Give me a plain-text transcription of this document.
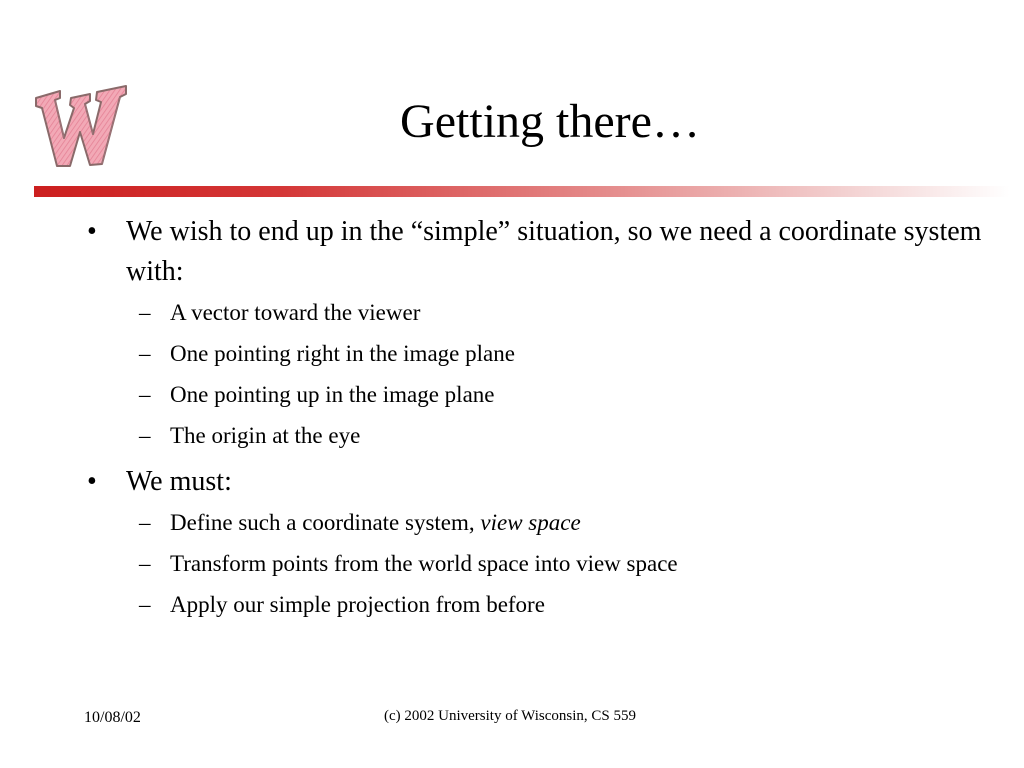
Getting there…
• We wish to end up in the “simple” situation, so we need a coordinate system with:
– A vector toward the viewer
– One pointing right in the image plane
– One pointing up in the image plane
– The origin at the eye
• We must:
– Define such a coordinate system, view space
– Transform points from the world space into view space
– Apply our simple projection from before
10/08/02	(c) 2002 University of Wisconsin, CS 559
